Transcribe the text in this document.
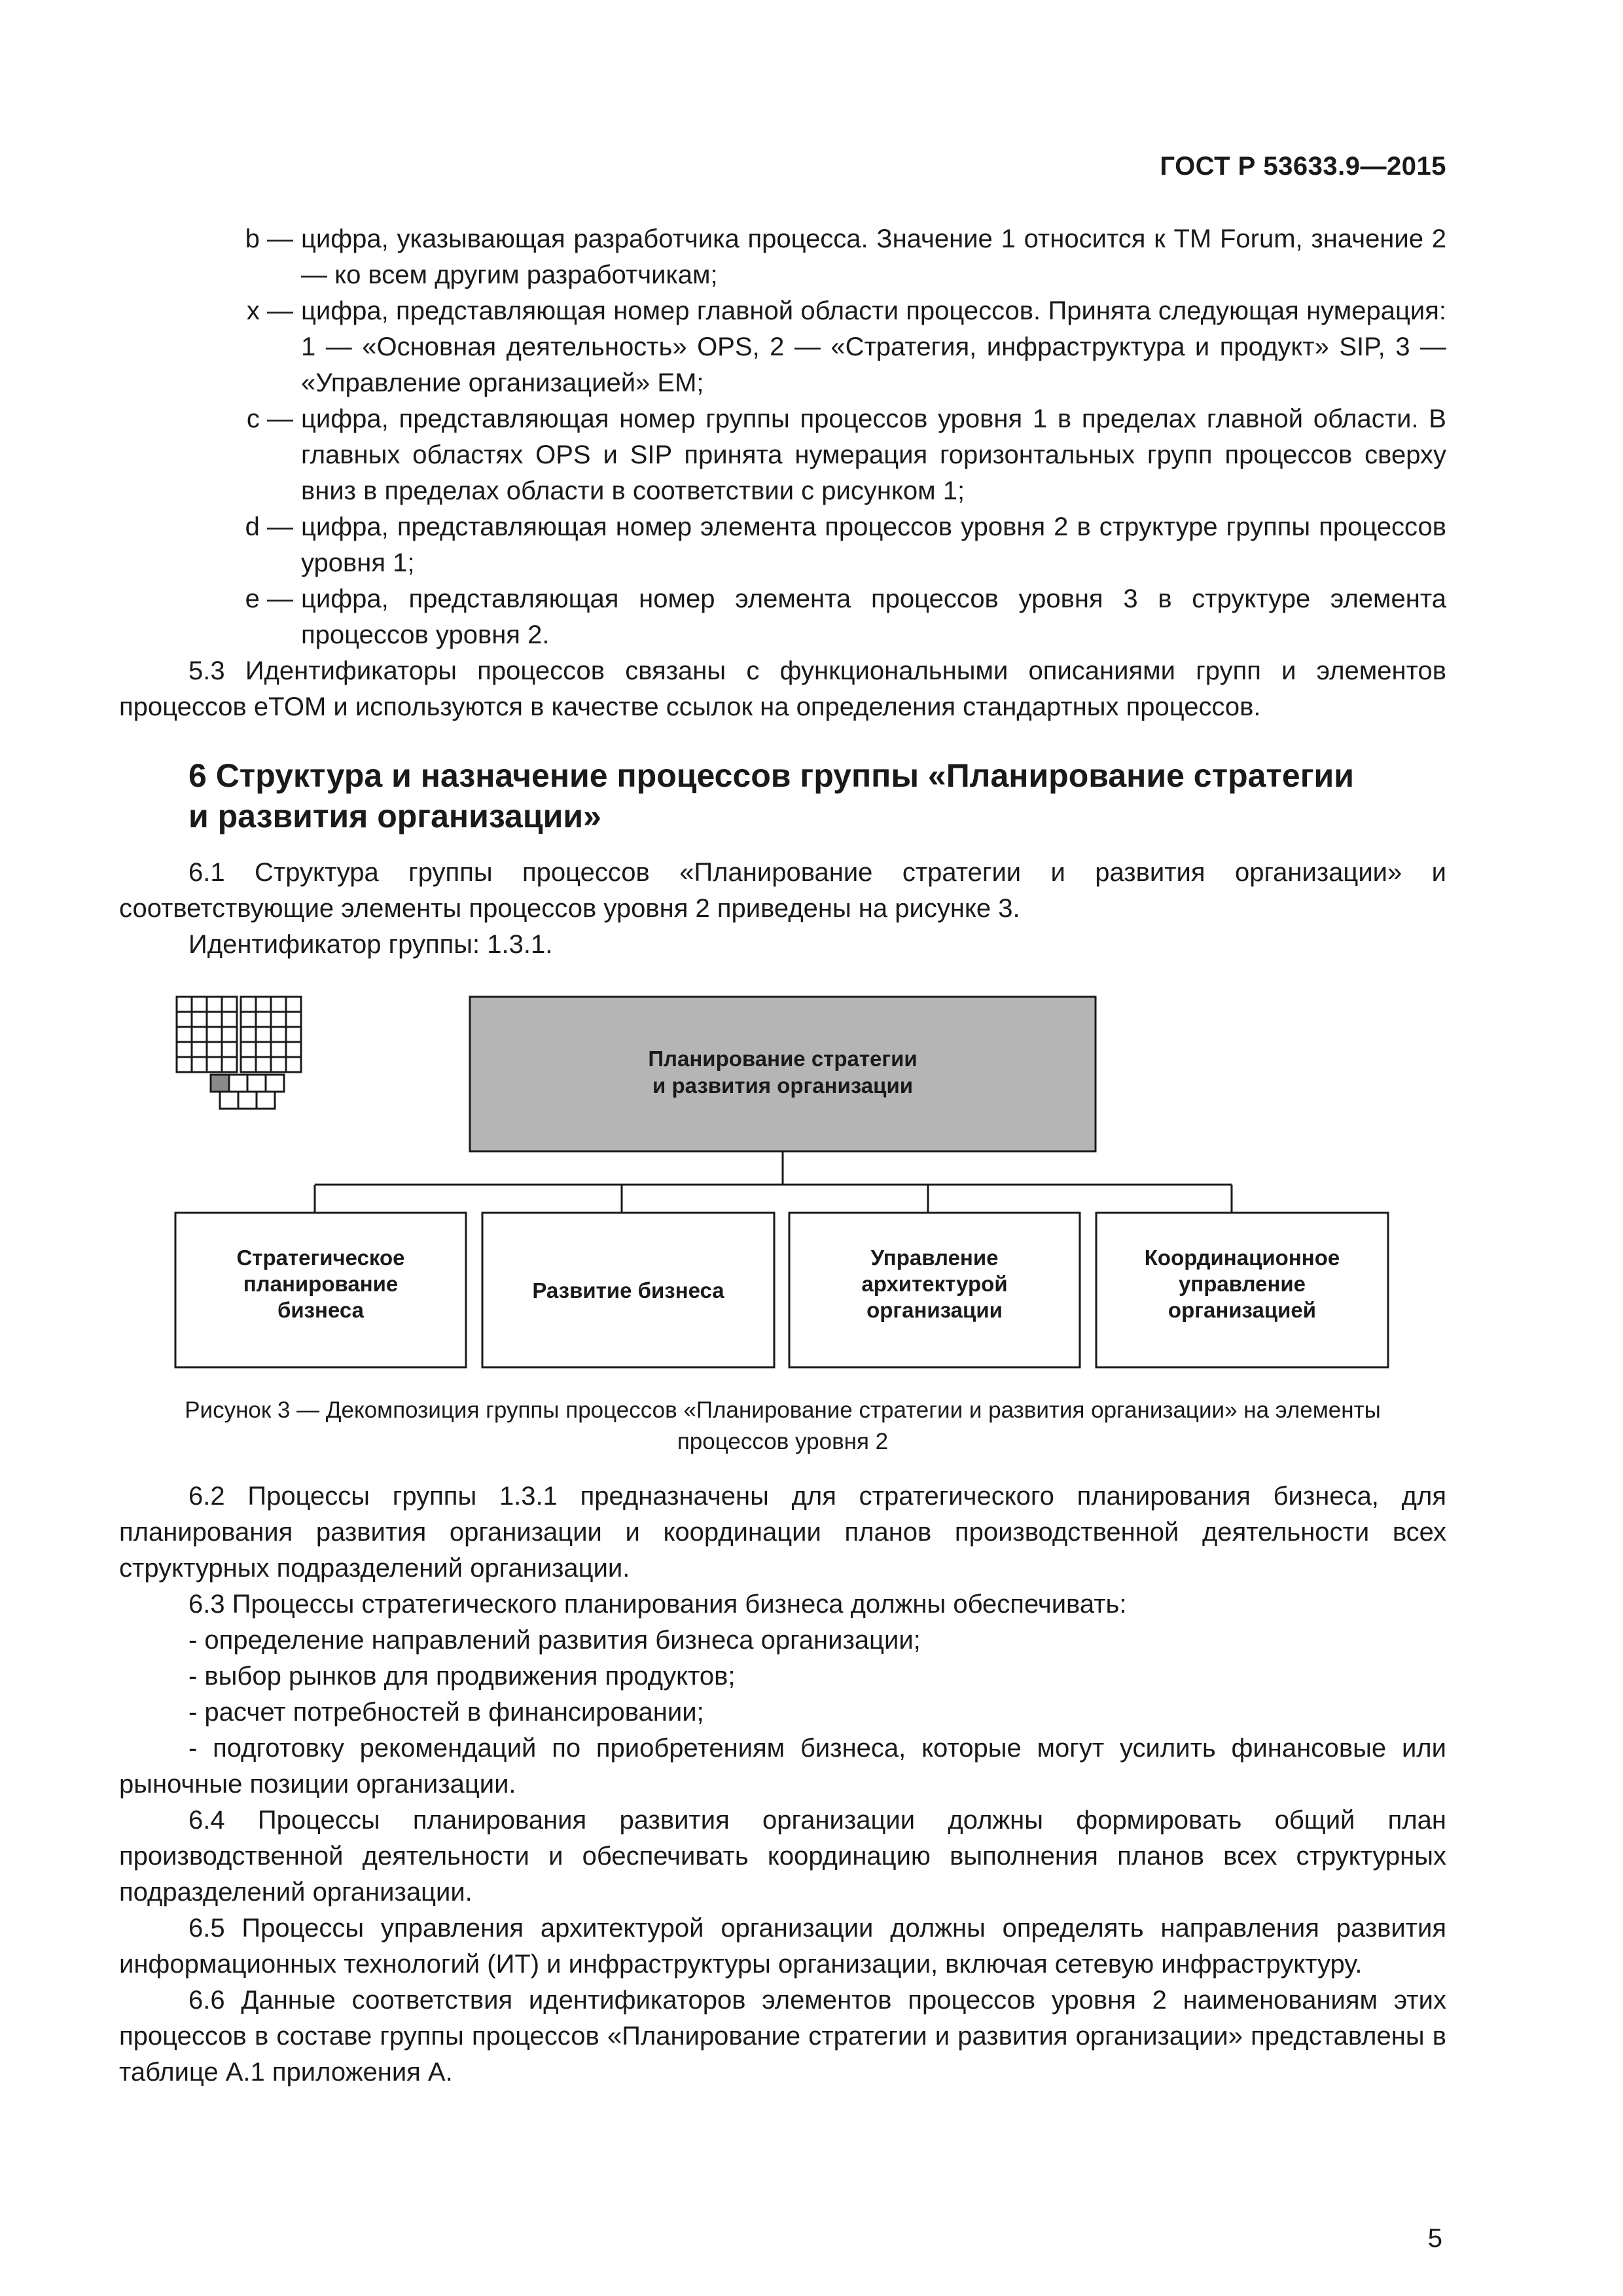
ГОСТ Р 53633.9—2015
b — цифра, указывающая разработчика процесса. Значение 1 относится к TM Forum, значение 2 — ко всем другим разработчикам;
x — цифра, представляющая номер главной области процессов. Принята следующая нумерация: 1 — «Основная деятельность» OPS, 2 — «Стратегия, инфраструктура и продукт» SIP, 3 — «Управление организацией» EM;
c — цифра, представляющая номер группы процессов уровня 1 в пределах главной области. В главных областях OPS и SIP принята нумерация горизонтальных групп процессов сверху вниз в пределах области в соответствии с рисунком 1;
d — цифра, представляющая номер элемента процессов уровня 2 в структуре группы процессов уровня 1;
e — цифра, представляющая номер элемента процессов уровня 3 в структуре элемента процессов уровня 2.

5.3 Идентификаторы процессов связаны с функциональными описаниями групп и элементов процессов eTOM и используются в качестве ссылок на определения стандартных процессов.

6 Структура и назначение процессов группы «Планирование стратегии
и развития организации»

6.1 Структура группы процессов «Планирование стратегии и развития организации» и соответствующие элементы процессов уровня 2 приведены на рисунке 3.

Идентификатор группы: 1.3.1.

Планирование стратегии
и развития организации
Стратегическое
планирование
бизнеса
Развитие бизнеса
Управление
архитектурой
организации
Координационное
управление
организацией
Рисунок 3 — Декомпозиция группы процессов «Планирование стратегии и развития организации» на элементы
процессов уровня 2

6.2 Процессы группы 1.3.1 предназначены для стратегического планирования бизнеса, для планирования развития организации и координации планов производственной деятельности всех структурных подразделений организации.

6.3 Процессы стратегического планирования бизнеса должны обеспечивать:

- определение направлений развития бизнеса организации;

- выбор рынков для продвижения продуктов;

- расчет потребностей в финансировании;

- подготовку рекомендаций по приобретениям бизнеса, которые могут усилить финансовые или рыночные позиции организации.

6.4 Процессы планирования развития организации должны формировать общий план производственной деятельности и обеспечивать координацию выполнения планов всех структурных подразделений организации.

6.5 Процессы управления архитектурой организации должны определять направления развития информационных технологий (ИТ) и инфраструктуры организации, включая сетевую инфраструктуру.

6.6 Данные соответствия идентификаторов элементов процессов уровня 2 наименованиям этих процессов в составе группы процессов «Планирование стратегии и развития организации» представлены в таблице А.1 приложения А.

5
